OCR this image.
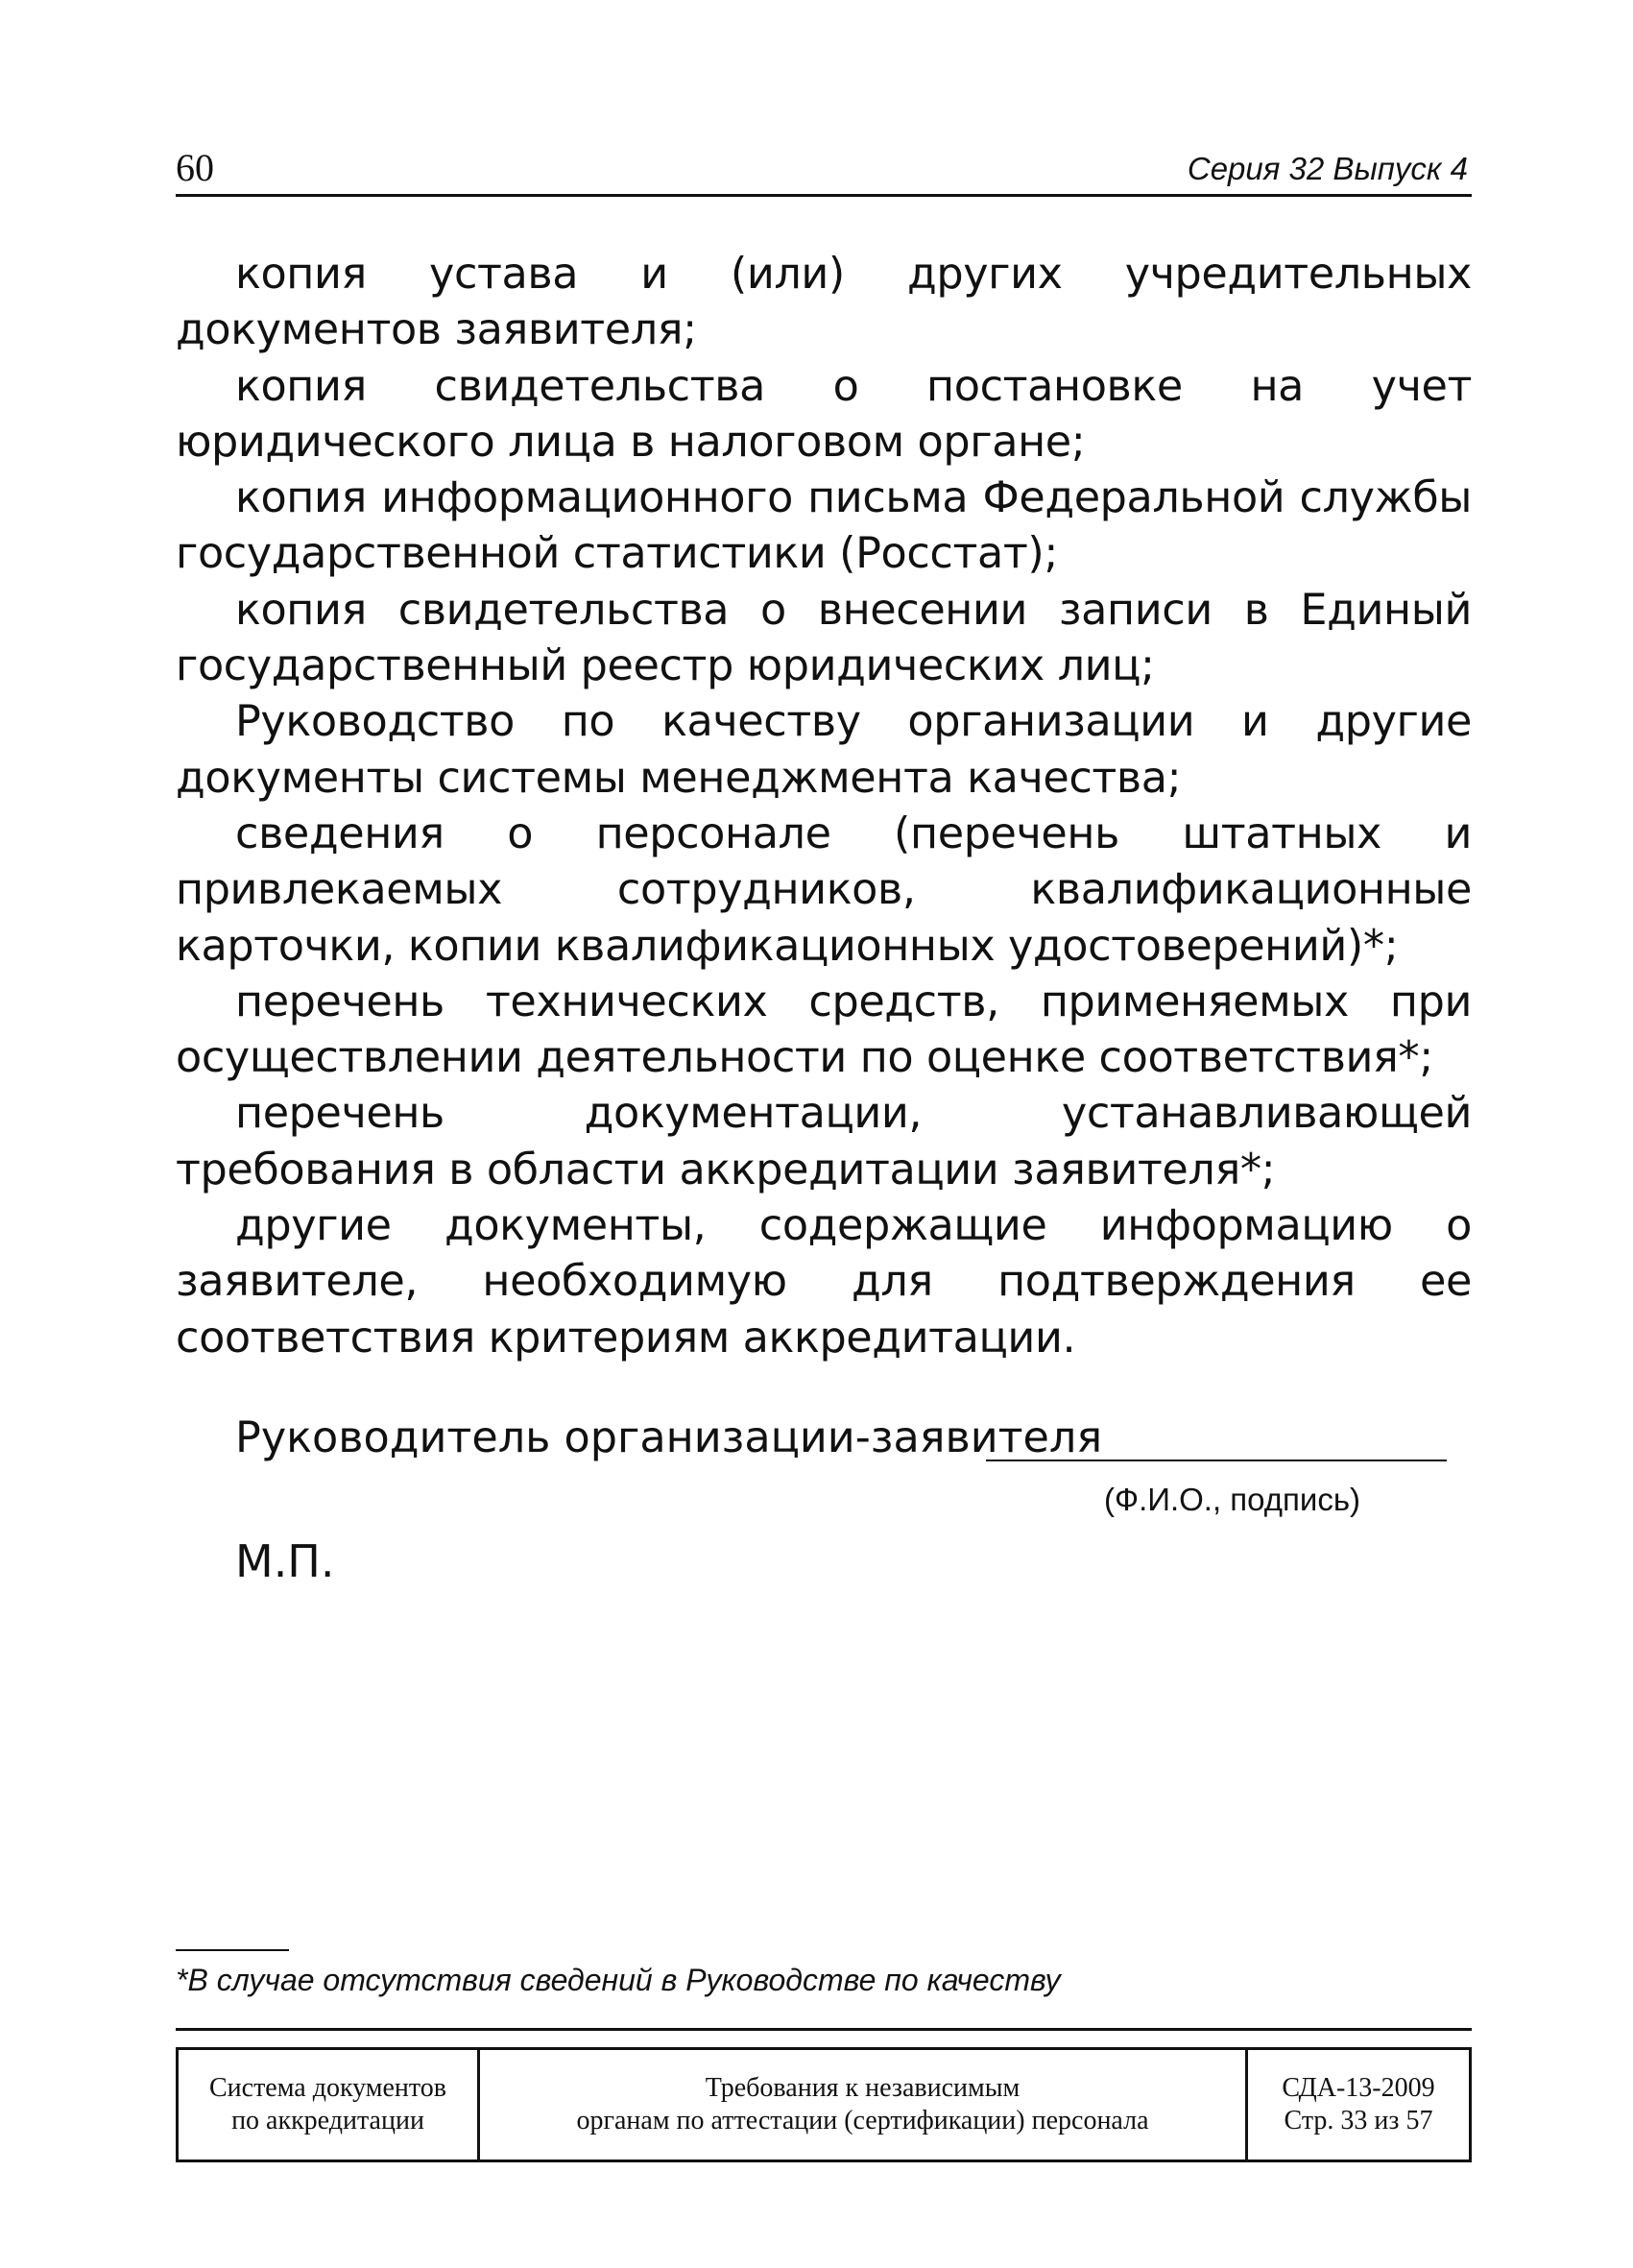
60	Серия 32 Выпуск 4

копия устава и (или) других учредительных документов заявителя;

копия свидетельства о постановке на учет юридического лица в налоговом органе;

копия информационного письма Федеральной службы государственной статистики (Росстат);

копия свидетельства о внесении записи в Единый государственный реестр юридических лиц;

Руководство по качеству организации и другие документы системы менеджмента качества;

сведения о персонале (перечень штатных и привлекаемых сотрудников, квалификационные карточки, копии квалификационных удостоверений)*;

перечень технических средств, применяемых при осуществлении деятельности по оценке соответствия*;

перечень документации, устанавливающей требования в области аккредитации заявителя*;

другие документы, содержащие информацию о заявителе, необходимую для подтверждения ее соответствия критериям аккредитации.

Руководитель организации-заявителя
(Ф.И.О., подпись)
М.П.
*В случае отсутствия сведений в Руководстве по качеству
Система документов
по аккредитации
Требования к независимым
органам по аттестации (сертификации) персонала
СДА-13-2009
Стр. 33 из 57
